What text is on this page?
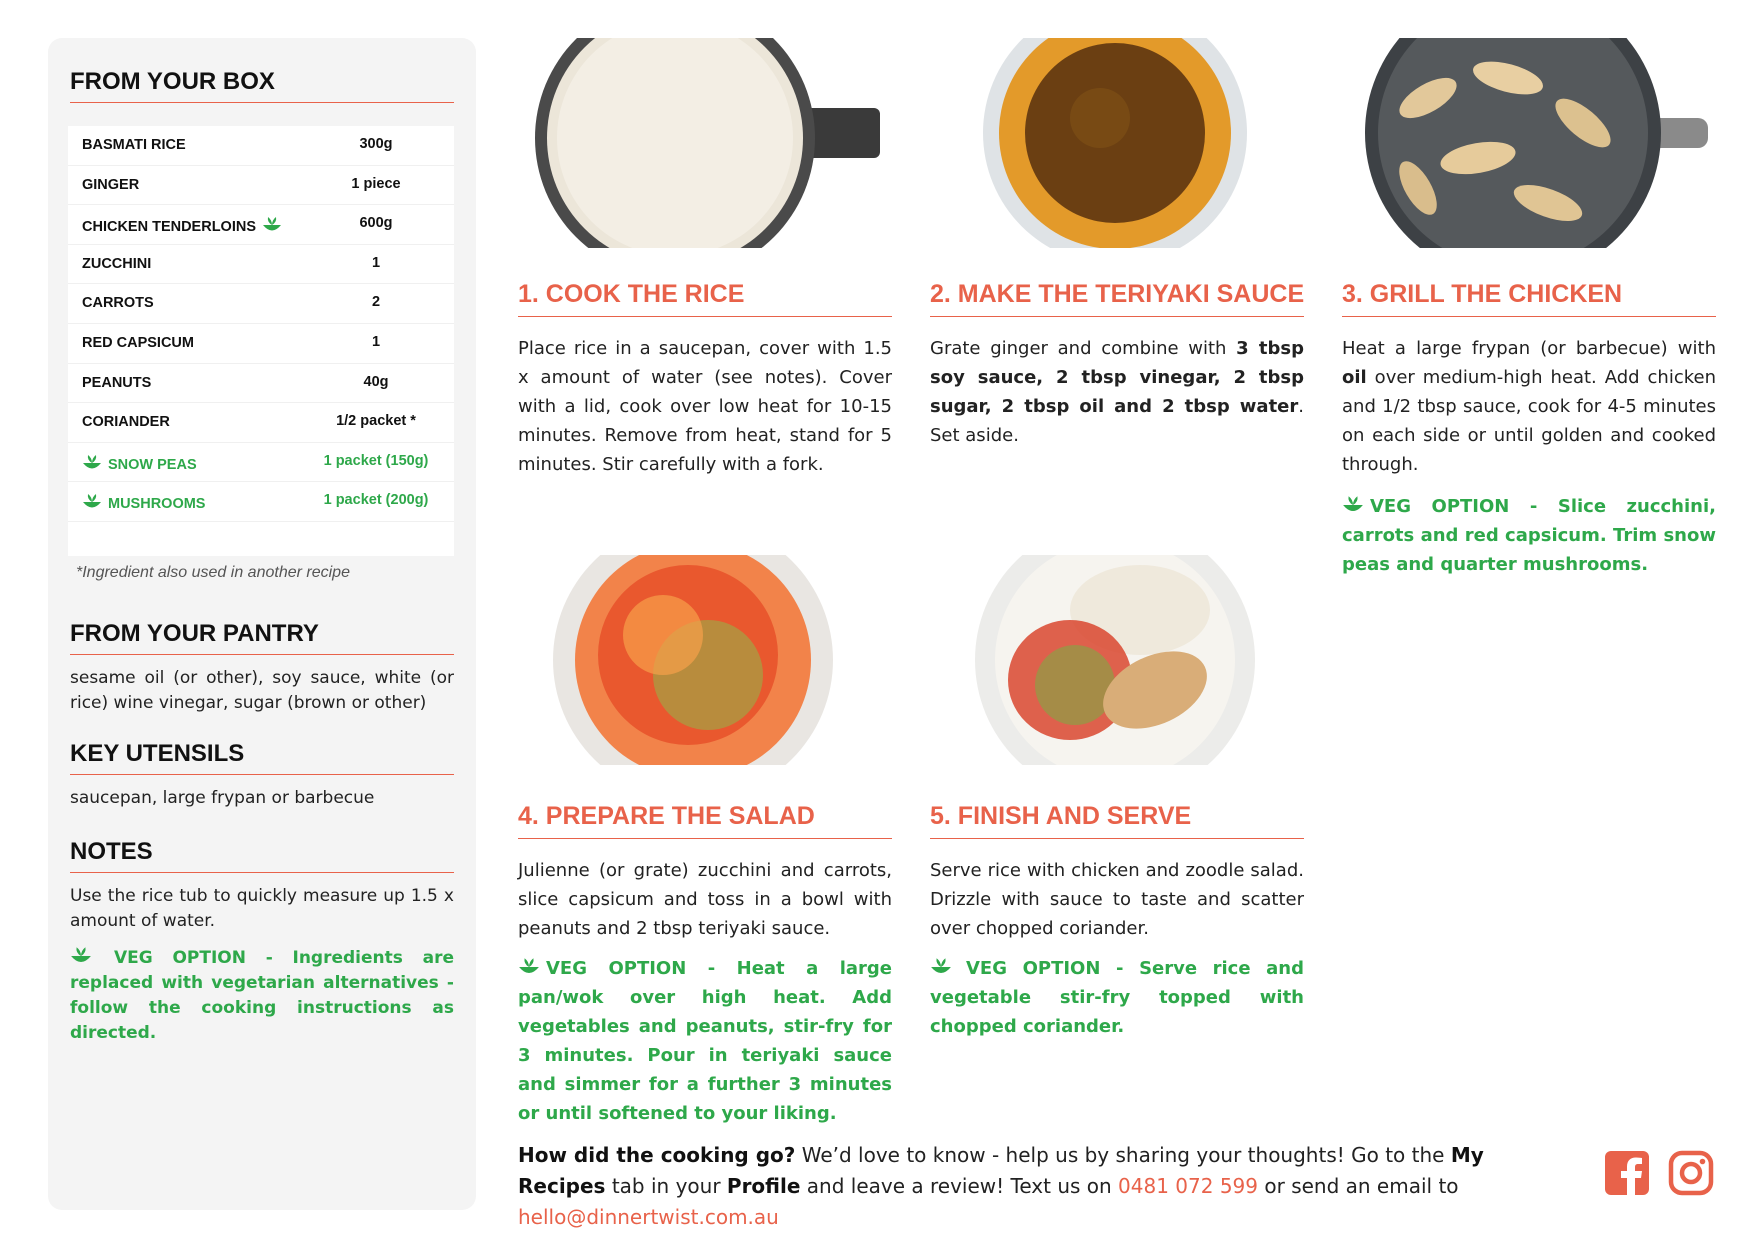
FROM YOUR BOX
BASMATI RICE	300g
GINGER	1 piece
CHICKEN TENDERLOINS	600g
ZUCCHINI	1
CARROTS	2
RED CAPSICUM	1
PEANUTS	40g
CORIANDER	1/2 packet *
SNOW PEAS	1 packet (150g)
MUSHROOMS	1 packet (200g)
*Ingredient also used in another recipe
FROM YOUR PANTRY

sesame oil (or other), soy sauce, white (or rice) wine vinegar, sugar (brown or other)

KEY UTENSILS

saucepan, large frypan or barbecue

NOTES

Use the rice tub to quickly measure up 1.5 x amount of water.

VEG OPTION - Ingredients are replaced with vegetarian alternatives - follow the cooking instructions as directed.

1. COOK THE RICE

Place rice in a saucepan, cover with 1.5 x amount of water (see notes). Cover with a lid, cook over low heat for 10-15 minutes. Remove from heat, stand for 5 minutes. Stir carefully with a fork.

2. MAKE THE TERIYAKI SAUCE

Grate ginger and combine with 3 tbsp soy sauce, 2 tbsp vinegar, 2 tbsp sugar, 2 tbsp oil and 2 tbsp water. Set aside.

3. GRILL THE CHICKEN

Heat a large frypan (or barbecue) with oil over medium-high heat. Add chicken and 1/2 tbsp sauce, cook for 4-5 minutes on each side or until golden and cooked through.

VEG OPTION - Slice zucchini, carrots and red capsicum. Trim snow peas and quarter mushrooms.

4. PREPARE THE SALAD

Julienne (or grate) zucchini and carrots, slice capsicum and toss in a bowl with peanuts and 2 tbsp teriyaki sauce.

VEG OPTION - Heat a large pan/wok over high heat. Add vegetables and peanuts, stir-fry for 3 minutes. Pour in teriyaki sauce and simmer for a further 3 minutes or until softened to your liking.

5. FINISH AND SERVE

Serve rice with chicken and zoodle salad. Drizzle with sauce to taste and scatter over chopped coriander.

VEG OPTION - Serve rice and vegetable stir-fry topped with chopped coriander.

How did the cooking go? We’d love to know - help us by sharing your thoughts! Go to the My Recipes tab in your Profile and leave a review! Text us on 0481 072 599 or send an email to hello@dinnertwist.com.au
